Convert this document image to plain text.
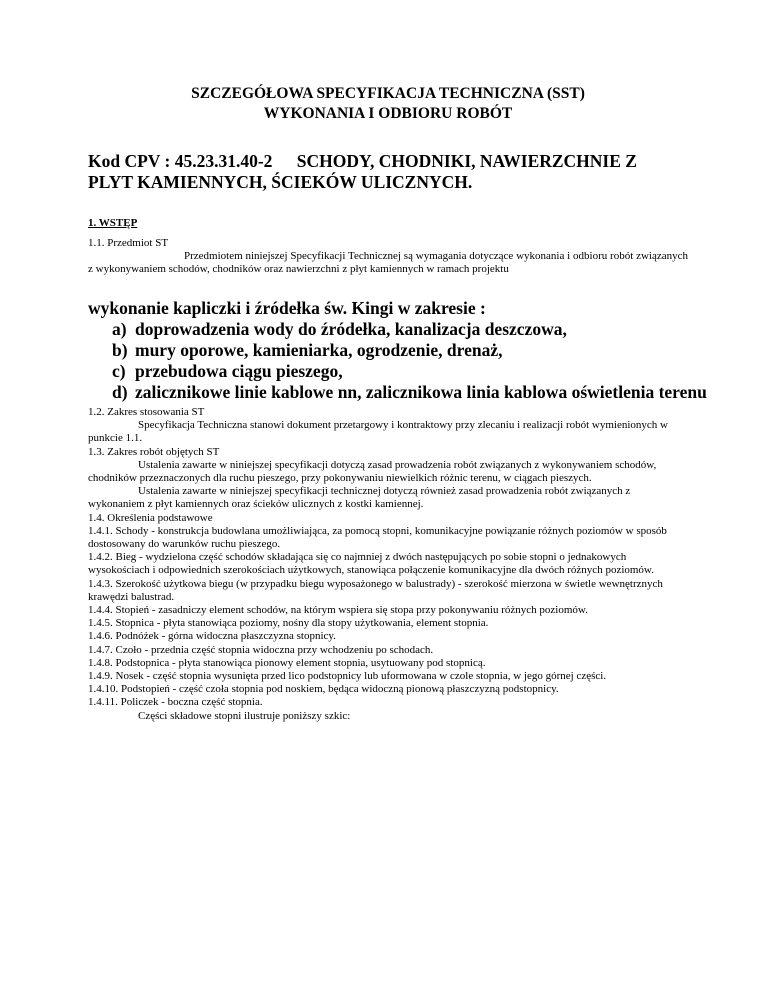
SZCZEGÓŁOWA SPECYFIKACJA TECHNICZNA (SST)
WYKONANIA I ODBIORU ROBÓT
Kod CPV : 45.23.31.40-2 SCHODY, CHODNIKI, NAWIERZCHNIE Z
PLYT KAMIENNYCH, ŚCIEKÓW ULICZNYCH.
1. WSTĘP

1.1. Przedmiot ST

Przedmiotem niniejszej Specyfikacji Technicznej są wymagania dotyczące wykonania i odbioru robót związanych z wykonywaniem schodów, chodników oraz nawierzchni z płyt kamiennych w ramach projektu

wykonanie kapliczki i źródełka św. Kingi w zakresie :
a) doprowadzenia wody do źródełka, kanalizacja deszczowa,
b) mury oporowe, kamieniarka, ogrodzenie, drenaż,
c) przebudowa ciągu pieszego,
d) zalicznikowe linie kablowe nn, zalicznikowa linia kablowa oświetlenia terenu

1.2. Zakres stosowania ST

Specyfikacja Techniczna stanowi dokument przetargowy i kontraktowy przy zlecaniu i realizacji robót wymienionych w punkcie 1.1.

1.3. Zakres robót objętych ST

Ustalenia zawarte w niniejszej specyfikacji dotyczą zasad prowadzenia robót związanych z wykonywaniem schodów, chodników przeznaczonych dla ruchu pieszego, przy pokonywaniu niewielkich różnic terenu, w ciągach pieszych.

Ustalenia zawarte w niniejszej specyfikacji technicznej dotyczą również zasad prowadzenia robót związanych z wykonaniem z płyt kamiennych oraz ścieków ulicznych z kostki kamiennej.

1.4. Określenia podstawowe

1.4.1. Schody - konstrukcja budowlana umożliwiająca, za pomocą stopni, komunikacyjne powiązanie różnych poziomów w sposób dostosowany do warunków ruchu pieszego.

1.4.2. Bieg - wydzielona część schodów składająca się co najmniej z dwóch następujących po sobie stopni o jednakowych wysokościach i odpowiednich szerokościach użytkowych, stanowiąca połączenie komunikacyjne dla dwóch różnych poziomów.

1.4.3. Szerokość użytkowa biegu (w przypadku biegu wyposażonego w balustrady) - szerokość mierzona w świetle wewnętrznych krawędzi balustrad.

1.4.4. Stopień - zasadniczy element schodów, na którym wspiera się stopa przy pokonywaniu różnych poziomów.

1.4.5. Stopnica - płyta stanowiąca poziomy, nośny dla stopy użytkowania, element stopnia.

1.4.6. Podnóżek - górna widoczna płaszczyzna stopnicy.

1.4.7. Czoło - przednia część stopnia widoczna przy wchodzeniu po schodach.

1.4.8. Podstopnica - płyta stanowiąca pionowy element stopnia, usytuowany pod stopnicą.

1.4.9. Nosek - część stopnia wysunięta przed lico podstopnicy lub uformowana w czole stopnia, w jego górnej części.

1.4.10. Podstopień - część czoła stopnia pod noskiem, będąca widoczną pionową płaszczyzną podstopnicy.

1.4.11. Policzek - boczna część stopnia.

Części składowe stopni ilustruje poniższy szkic:
